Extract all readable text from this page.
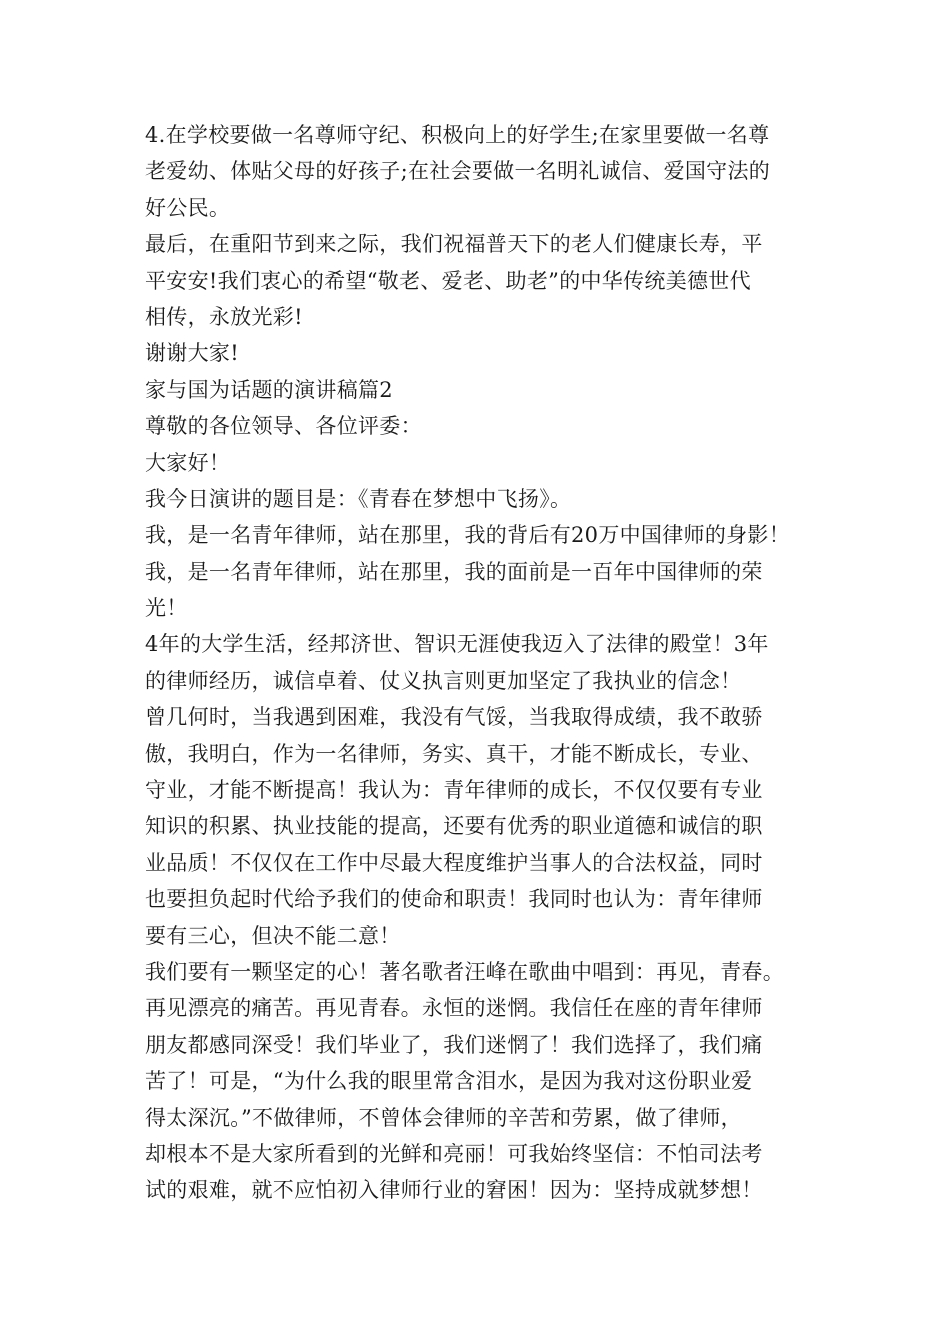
4.在学校要做一名尊师守纪、积极向上的好学生;在家里要做一名尊
老爱幼、体贴父母的好孩子;在社会要做一名明礼诚信、爱国守法的
好公民。
最后，在重阳节到来之际，我们祝福普天下的老人们健康长寿，平
平安安!我们衷心的希望“敬老、爱老、助老”的中华传统美德世代
相传，永放光彩!
谢谢大家!
家与国为话题的演讲稿篇2
尊敬的各位领导、各位评委：
大家好！
我今日演讲的题目是：《青春在梦想中飞扬》。
我，是一名青年律师，站在那里，我的背后有20万中国律师的身影！
我，是一名青年律师，站在那里，我的面前是一百年中国律师的荣
光！
4年的大学生活，经邦济世、智识无涯使我迈入了法律的殿堂！3年
的律师经历，诚信卓着、仗义执言则更加坚定了我执业的信念！
曾几何时，当我遇到困难，我没有气馁，当我取得成绩，我不敢骄
傲，我明白，作为一名律师，务实、真干，才能不断成长，专业、
守业，才能不断提高！我认为：青年律师的成长，不仅仅要有专业
知识的积累、执业技能的提高，还要有优秀的职业道德和诚信的职
业品质！不仅仅在工作中尽最大程度维护当事人的合法权益，同时
也要担负起时代给予我们的使命和职责！我同时也认为：青年律师
要有三心，但决不能二意！
我们要有一颗坚定的心！著名歌者汪峰在歌曲中唱到：再见，青春。
再见漂亮的痛苦。再见青春。永恒的迷惘。我信任在座的青年律师
朋友都感同深受！我们毕业了，我们迷惘了！我们选择了，我们痛
苦了！可是，“为什么我的眼里常含泪水，是因为我对这份职业爱
得太深沉。”不做律师，不曾体会律师的辛苦和劳累，做了律师，
却根本不是大家所看到的光鲜和亮丽！可我始终坚信：不怕司法考
试的艰难，就不应怕初入律师行业的窘困！因为：坚持成就梦想！
